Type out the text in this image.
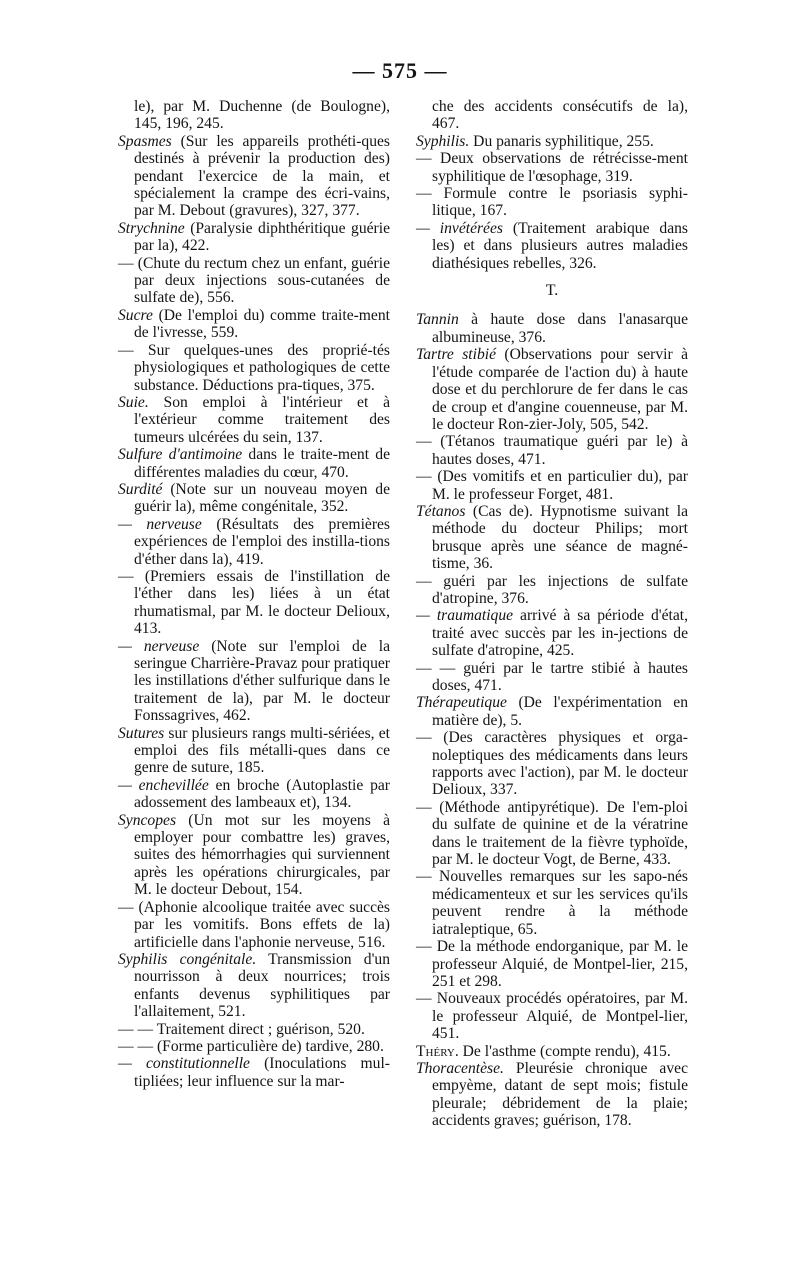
— 575 —

le), par M. Duchenne (de Boulogne), 145, 196, 245.

Spasmes (Sur les appareils prothéti-ques destinés à prévenir la production des) pendant l'exercice de la main, et spécialement la crampe des écri-vains, par M. Debout (gravures), 327, 377.

Strychnine (Paralysie diphthéritique guérie par la), 422.

— (Chute du rectum chez un enfant, guérie par deux injections sous-cutanées de sulfate de), 556.

Sucre (De l'emploi du) comme traite-ment de l'ivresse, 559.

— Sur quelques-unes des proprié-tés physiologiques et pathologiques de cette substance. Déductions pra-tiques, 375.

Suie. Son emploi à l'intérieur et à l'extérieur comme traitement des tumeurs ulcérées du sein, 137.

Sulfure d'antimoine dans le traite-ment de différentes maladies du cœur, 470.

Surdité (Note sur un nouveau moyen de guérir la), même congénitale, 352.

— nerveuse (Résultats des premières expériences de l'emploi des instilla-tions d'éther dans la), 419.

— (Premiers essais de l'instillation de l'éther dans les) liées à un état rhumatismal, par M. le docteur Delioux, 413.

— nerveuse (Note sur l'emploi de la seringue Charrière-Pravaz pour pratiquer les instillations d'éther sulfurique dans le traitement de la), par M. le docteur Fonssagrives, 462.

Sutures sur plusieurs rangs multi-sériées, et emploi des fils métalli-ques dans ce genre de suture, 185.

— enchevillée en broche (Autoplastie par adossement des lambeaux et), 134.

Syncopes (Un mot sur les moyens à employer pour combattre les) graves, suites des hémorrhagies qui surviennent après les opérations chirurgicales, par M. le docteur Debout, 154.

— (Aphonie alcoolique traitée avec succès par les vomitifs. Bons effets de la) artificielle dans l'aphonie nerveuse, 516.

Syphilis congénitale. Transmission d'un nourrisson à deux nourrices; trois enfants devenus syphilitiques par l'allaitement, 521.

— — Traitement direct ; guérison, 520.

— — (Forme particulière de) tardive, 280.

— constitutionnelle (Inoculations mul-tipliées; leur influence sur la mar-

che des accidents consécutifs de la), 467.

Syphilis. Du panaris syphilitique, 255.

— Deux observations de rétrécisse-ment syphilitique de l'œsophage, 319.

— Formule contre le psoriasis syphi-litique, 167.

— invétérées (Traitement arabique dans les) et dans plusieurs autres maladies diathésiques rebelles, 326.

T.

Tannin à haute dose dans l'anasarque albumineuse, 376.

Tartre stibié (Observations pour servir à l'étude comparée de l'action du) à haute dose et du perchlorure de fer dans le cas de croup et d'angine couenneuse, par M. le docteur Ron-zier-Joly, 505, 542.

— (Tétanos traumatique guéri par le) à hautes doses, 471.

— (Des vomitifs et en particulier du), par M. le professeur Forget, 481.

Tétanos (Cas de). Hypnotisme suivant la méthode du docteur Philips; mort brusque après une séance de magné-tisme, 36.

— guéri par les injections de sulfate d'atropine, 376.

— traumatique arrivé à sa période d'état, traité avec succès par les in-jections de sulfate d'atropine, 425.

— — guéri par le tartre stibié à hautes doses, 471.

Thérapeutique (De l'expérimentation en matière de), 5.

— (Des caractères physiques et orga-noleptiques des médicaments dans leurs rapports avec l'action), par M. le docteur Delioux, 337.

— (Méthode antipyrétique). De l'em-ploi du sulfate de quinine et de la vératrine dans le traitement de la fièvre typhoïde, par M. le docteur Vogt, de Berne, 433.

— Nouvelles remarques sur les sapo-nés médicamenteux et sur les services qu'ils peuvent rendre à la méthode iatraleptique, 65.

— De la méthode endorganique, par M. le professeur Alquié, de Montpel-lier, 215, 251 et 298.

— Nouveaux procédés opératoires, par M. le professeur Alquié, de Montpel-lier, 451.

Théry. De l'asthme (compte rendu), 415.

Thoracentèse. Pleurésie chronique avec empyème, datant de sept mois; fistule pleurale; débridement de la plaie; accidents graves; guérison, 178.
